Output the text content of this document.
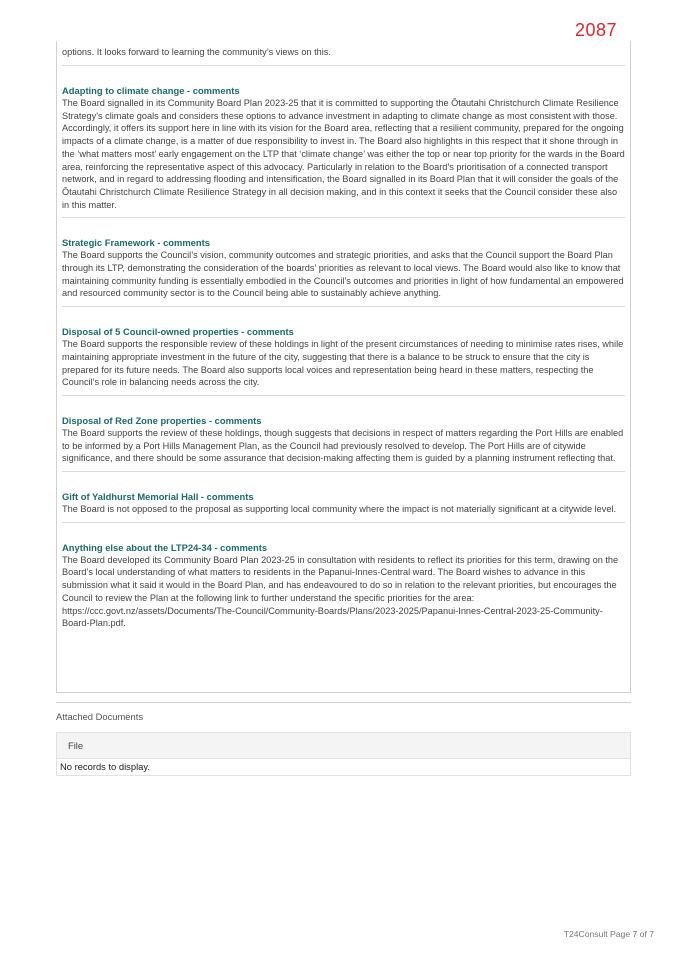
2087
options. It looks forward to learning the community’s views on this.
Adapting to climate change - comments

The Board signalled in its Community Board Plan 2023-25 that it is committed to supporting the Ōtautahi Christchurch Climate Resilience Strategy's climate goals and considers these options to advance investment in adapting to climate change as most consistent with those. Accordingly, it offers its support here in line with its vision for the Board area, reflecting that a resilient community, prepared for the ongoing impacts of a climate change, is a matter of due responsibility to invest in. The Board also highlights in this respect that it shone through in the ‘what matters most’ early engagement on the LTP that ‘climate change’ was either the top or near top priority for the wards in the Board area, reinforcing the representative aspect of this advocacy. Particularly in relation to the Board’s prioritisation of a connected transport network, and in regard to addressing flooding and intensification, the Board signalled in its Board Plan that it will consider the goals of the Ōtautahi Christchurch Climate Resilience Strategy in all decision making, and in this context it seeks that the Council consider these also in this matter.

Strategic Framework - comments

The Board supports the Council’s vision, community outcomes and strategic priorities, and asks that the Council support the Board Plan through its LTP, demonstrating the consideration of the boards’ priorities as relevant to local views. The Board would also like to know that maintaining community funding is essentially embodied in the Council’s outcomes and priorities in light of how fundamental an empowered and resourced community sector is to the Council being able to sustainably achieve anything.

Disposal of 5 Council-owned properties - comments

The Board supports the responsible review of these holdings in light of the present circumstances of needing to minimise rates rises, while maintaining appropriate investment in the future of the city, suggesting that there is a balance to be struck to ensure that the city is prepared for its future needs. The Board also supports local voices and representation being heard in these matters, respecting the Council’s role in balancing needs across the city.

Disposal of Red Zone properties - comments

The Board supports the review of these holdings, though suggests that decisions in respect of matters regarding the Port Hills are enabled to be informed by a Port Hills Management Plan, as the Council had previously resolved to develop. The Port Hills are of citywide significance, and there should be some assurance that decision-making affecting them is guided by a planning instrument reflecting that.

Gift of Yaldhurst Memorial Hall - comments

The Board is not opposed to the proposal as supporting local community where the impact is not materially significant at a citywide level.

Anything else about the LTP24-34 - comments

The Board developed its Community Board Plan 2023-25 in consultation with residents to reflect its priorities for this term, drawing on the Board’s local understanding of what matters to residents in the Papanui-Innes-Central ward. The Board wishes to advance in this submission what it said it would in the Board Plan, and has endeavoured to do so in relation to the relevant priorities, but encourages the Council to review the Plan at the following link to further understand the specific priorities for the area: https://ccc.govt.nz/assets/Documents/The-Council/Community-Boards/Plans/2023-2025/Papanui-Innes-Central-2023-25-Community-Board-Plan.pdf.

Attached Documents
File
No records to display.
T24Consult Page 7 of 7
